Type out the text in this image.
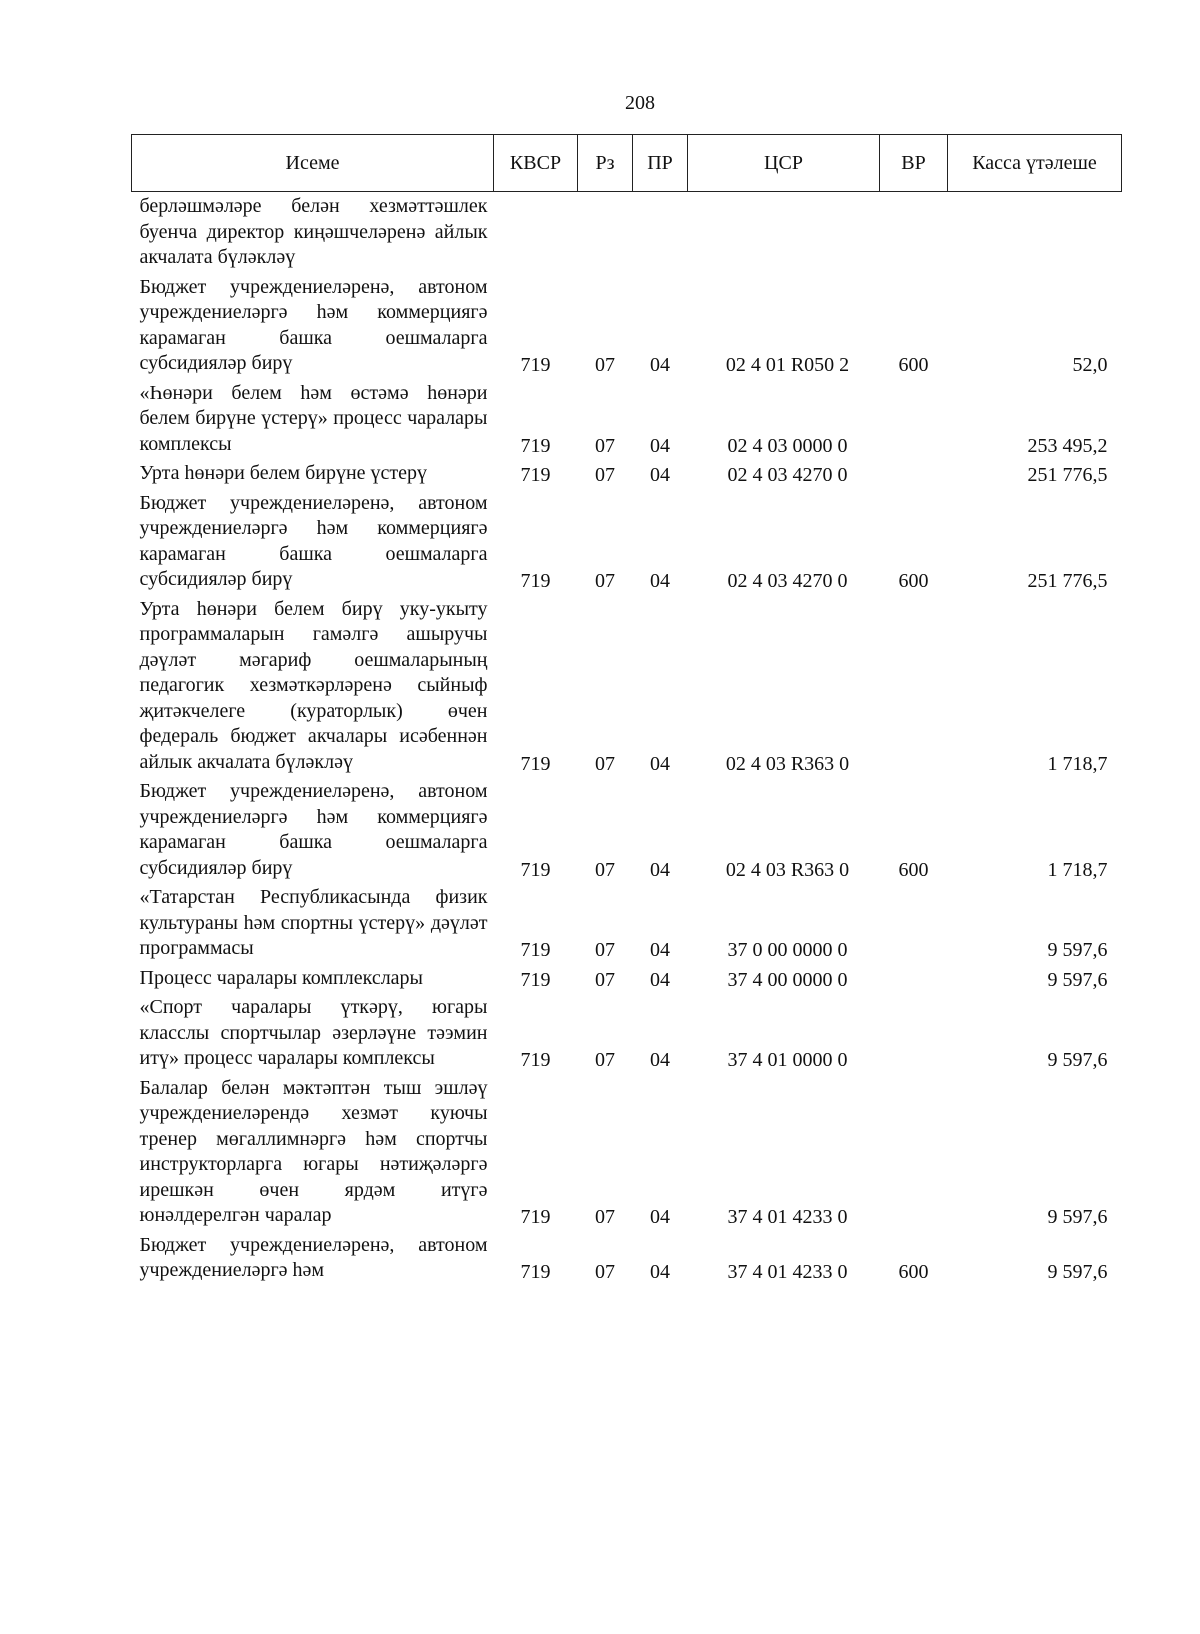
208
Исеме	КВСР	Рз	ПР	ЦСР	ВР	Касса үтәлеше
берләшмәләре белән хезмәттәшлек буенча директор киңәшчеләренә айлык акчалата бүләкләү						
Бюджет учреждениеләренә, автоном учреждениеләргә һәм коммерциягә карамаган башка оешмаларга субсидияләр бирү	719	07	04	02 4 01 R050 2	600	52,0
«Һөнәри белем һәм өстәмә һөнәри белем бирүне үстерү» процесс чаралары комплексы	719	07	04	02 4 03 0000 0		253 495,2
Урта һөнәри белем бирүне үстерү	719	07	04	02 4 03 4270 0		251 776,5
Бюджет учреждениеләренә, автоном учреждениеләргә һәм коммерциягә карамаган башка оешмаларга субсидияләр бирү	719	07	04	02 4 03 4270 0	600	251 776,5
Урта һөнәри белем бирү уку-укыту программаларын гамәлгә ашыручы дәүләт мәгариф оешмаларының педагогик хезмәткәрләренә сыйныф җитәкчелеге (кураторлык) өчен федераль бюджет акчалары исәбеннән айлык акчалата бүләкләү	719	07	04	02 4 03 R363 0		1 718,7
Бюджет учреждениеләренә, автоном учреждениеләргә һәм коммерциягә карамаган башка оешмаларга субсидияләр бирү	719	07	04	02 4 03 R363 0	600	1 718,7
«Татарстан Республикасында физик культураны һәм спортны үстерү» дәүләт программасы	719	07	04	37 0 00 0000 0		9 597,6
Процесс чаралары комплекслары	719	07	04	37 4 00 0000 0		9 597,6
«Спорт чаралары үткәрү, югары класслы спортчылар әзерләүне тәэмин итү» процесс чаралары комплексы	719	07	04	37 4 01 0000 0		9 597,6
Балалар белән мәктәптән тыш эшләү учреждениеләрендә хезмәт куючы тренер мөгаллимнәргә һәм спортчы инструкторларга югары нәтиҗәләргә ирешкән өчен ярдәм итүгә юнәлдерелгән чаралар	719	07	04	37 4 01 4233 0		9 597,6
Бюджет учреждениеләренә, автоном учреждениеләргә һәм	719	07	04	37 4 01 4233 0	600	9 597,6
